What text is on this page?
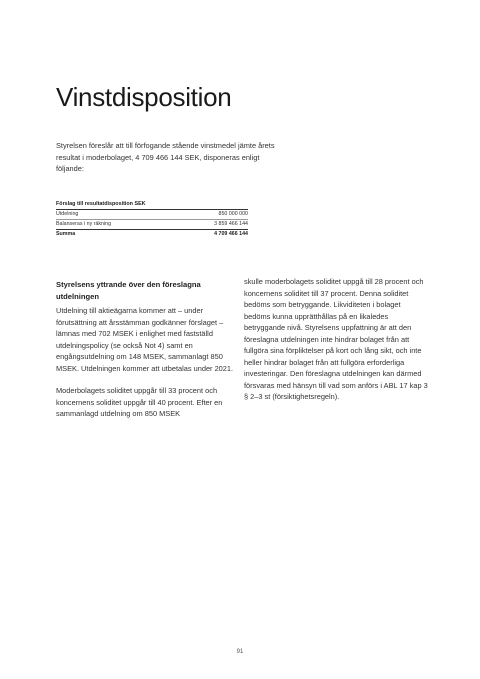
Vinstdisposition

Styrelsen föreslår att till förfogande stående vinstmedel jämte årets resultat i moderbolaget, 4 709 466 144 SEK, disponeras enligt följande:

Förslag till resultatdisposition SEK
Utdelning	850 000 000
Balanseras i ny räkning	3 859 466 144
Summa	4 709 466 144
Styrelsens yttrande över den föreslagna utdelningen

Utdelning till aktieägarna kommer att – under förutsättning att årsstämman godkänner förslaget – lämnas med 702 MSEK i enlighet med fastställd utdelningspolicy (se också Not 4) samt en engångsutdelning om 148 MSEK, sammanlagt 850 MSEK. Utdelningen kommer att utbetalas under 2021.

Moderbolagets soliditet uppgår till 33 procent och koncernens soliditet uppgår till 40 procent. Efter en sammanlagd utdelning om 850 MSEK

skulle moderbolagets soliditet uppgå till 28 procent och koncernens soliditet till 37 procent. Denna soliditet bedöms som betryggande. Likviditeten i bolaget bedöms kunna upprätthållas på en likaledes betryggande nivå. Styrelsens uppfattning är att den föreslagna utdelningen inte hindrar bolaget från att fullgöra sina förpliktelser på kort och lång sikt, och inte heller hindrar bolaget från att fullgöra erforderliga investeringar. Den föreslagna utdelningen kan därmed försvaras med hänsyn till vad som anförs i ABL 17 kap 3 § 2–3 st (försiktighetsregeln).

91
